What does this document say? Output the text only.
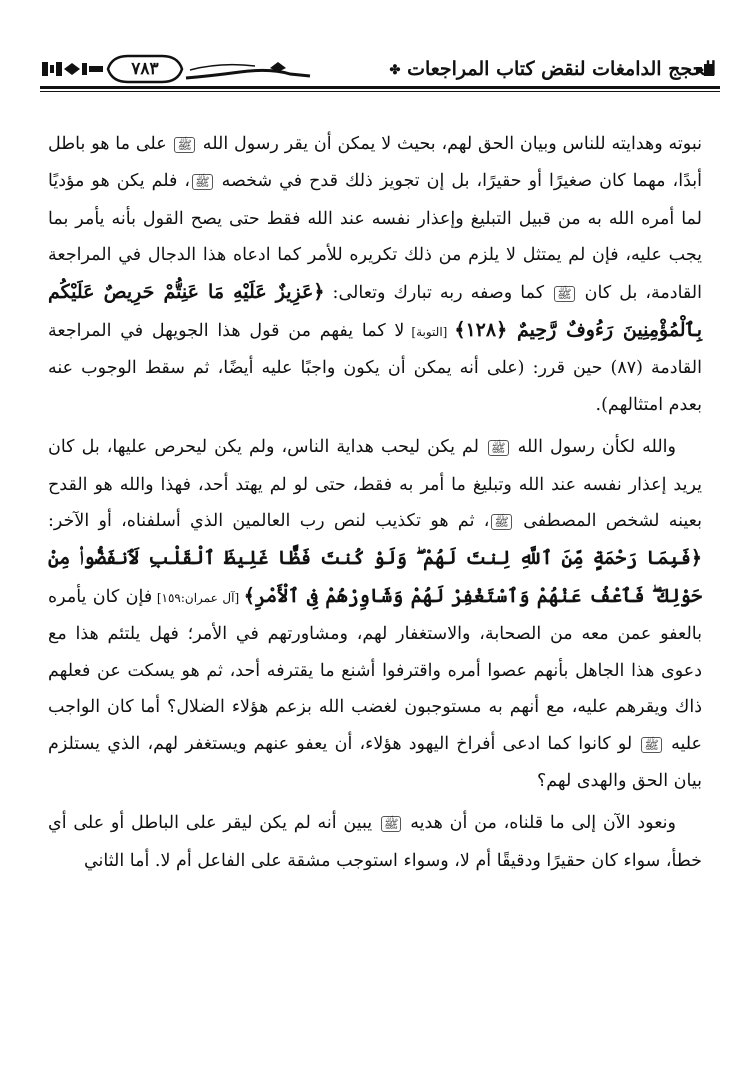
٧٨٣	الحجج الدامغات لنقض كتاب المراجعات ✤

نبوته وهدايته للناس وبيان الحق لهم، بحيث لا يمكن أن يقر رسول الله ﷺ على ما هو باطل أبدًا، مهما كان صغيرًا أو حقيرًا، بل إن تجويز ذلك قدح في شخصه ﷺ، فلم يكن هو مؤديًا لما أمره الله به من قبيل التبليغ وإعذار نفسه عند الله فقط حتى يصح القول بأنه يأمر بما يجب عليه، فإن لم يمتثل لا يلزم من ذلك تكريره للأمر كما ادعاه هذا الدجال في المراجعة القادمة، بل كان ﷺ كما وصفه ربه تبارك وتعالى: ﴿عَزِيزٌ عَلَيْهِ مَا عَنِتُّمْ حَرِيصٌ عَلَيْكُم بِٱلْمُؤْمِنِينَ رَءُوفٌ رَّحِيمٌ ﴿١٢٨﴾ [التوبة] لا كما يفهم من قول هذا الجويهل في المراجعة القادمة (٨٧) حين قرر: (على أنه يمكن أن يكون واجبًا عليه أيضًا، ثم سقط الوجوب عنه بعدم امتثالهم).

والله لكأن رسول الله ﷺ لم يكن ليحب هداية الناس، ولم يكن ليحرص عليها، بل كان يريد إعذار نفسه عند الله وتبليغ ما أمر به فقط، حتى لو لم يهتد أحد، فهذا والله هو القدح بعينه لشخص المصطفى ﷺ، ثم هو تكذيب لنص رب العالمين الذي أسلفناه، أو الآخر: ﴿فَبِمَا رَحْمَةٍ مِّنَ ٱللَّهِ لِنتَ لَهُمْ ۖ وَلَوْ كُنتَ فَظًّا غَلِيظَ ٱلْقَلْبِ لَٱنفَضُّوا۟ مِنْ حَوْلِكَ ۖ فَٱعْفُ عَنْهُمْ وَٱسْتَغْفِرْ لَهُمْ وَشَاوِرْهُمْ فِى ٱلْأَمْرِ﴾ [آل عمران:١٥٩] فإن كان يأمره بالعفو عمن معه من الصحابة، والاستغفار لهم، ومشاورتهم في الأمر؛ فهل يلتئم هذا مع دعوى هذا الجاهل بأنهم عصوا أمره واقترفوا أشنع ما يقترفه أحد، ثم هو يسكت عن فعلهم ذاك ويقرهم عليه، مع أنهم به مستوجبون لغضب الله بزعم هؤلاء الضلال؟ أما كان الواجب عليه ﷺ لو كانوا كما ادعى أفراخ اليهود هؤلاء، أن يعفو عنهم ويستغفر لهم، الذي يستلزم بيان الحق والهدى لهم؟

ونعود الآن إلى ما قلناه، من أن هديه ﷺ يبين أنه لم يكن ليقر على الباطل أو على أي خطأ، سواء كان حقيرًا ودقيقًا أم لا، وسواء استوجب مشقة على الفاعل أم لا. أما الثاني
